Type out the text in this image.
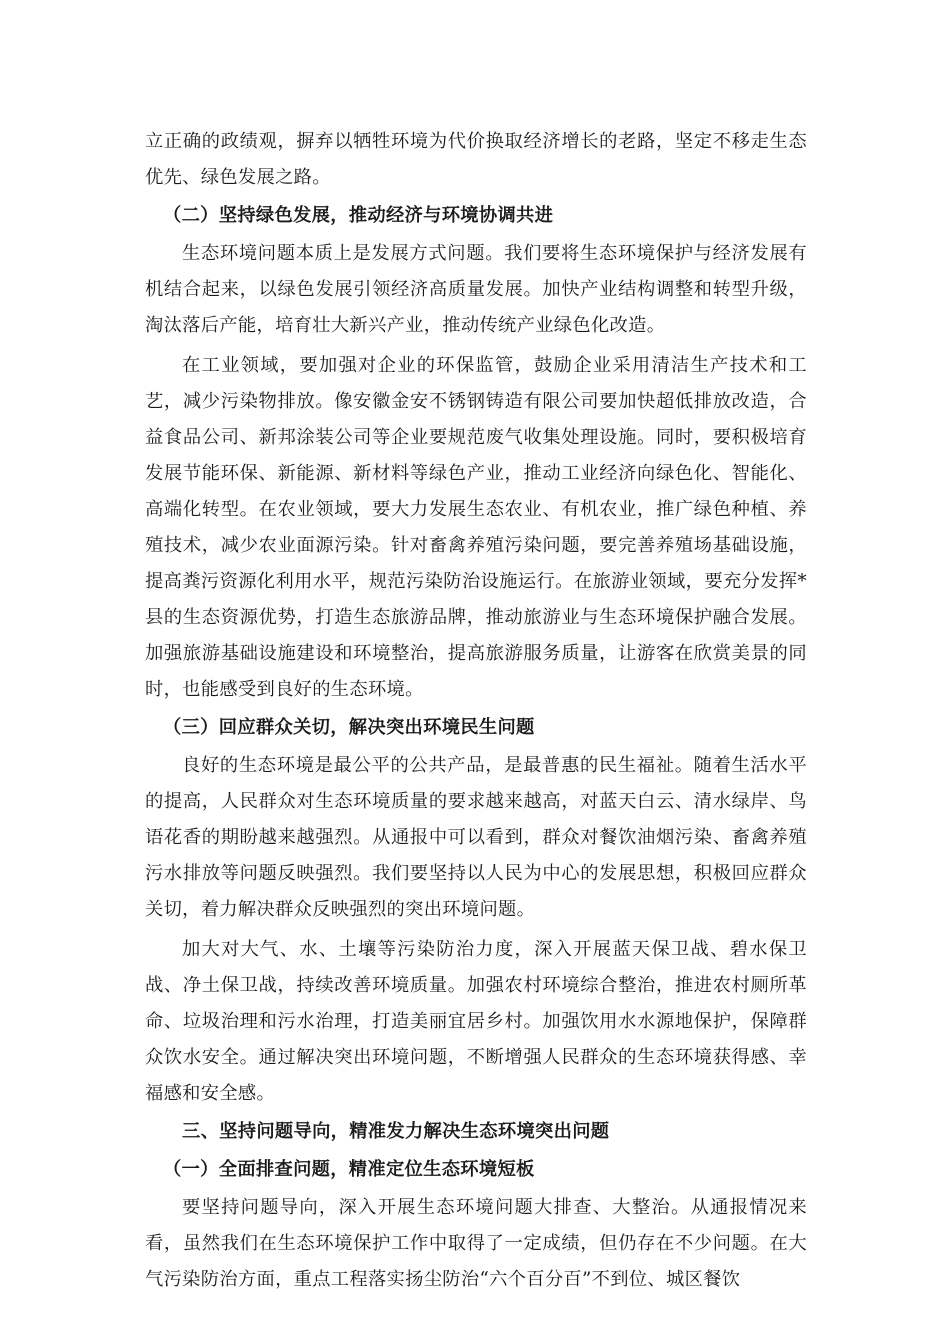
立正确的政绩观，摒弃以牺牲环境为代价换取经济增长的老路，坚定不移走生态优先、绿色发展之路。

（二）坚持绿色发展，推动经济与环境协调共进

生态环境问题本质上是发展方式问题。我们要将生态环境保护与经济发展有机结合起来，以绿色发展引领经济高质量发展。加快产业结构调整和转型升级，淘汰落后产能，培育壮大新兴产业，推动传统产业绿色化改造。

在工业领域，要加强对企业的环保监管，鼓励企业采用清洁生产技术和工艺，减少污染物排放。像安徽金安不锈钢铸造有限公司要加快超低排放改造，合益食品公司、新邦涂装公司等企业要规范废气收集处理设施。同时，要积极培育发展节能环保、新能源、新材料等绿色产业，推动工业经济向绿色化、智能化、高端化转型。在农业领域，要大力发展生态农业、有机农业，推广绿色种植、养殖技术，减少农业面源污染。针对畜禽养殖污染问题，要完善养殖场基础设施，提高粪污资源化利用水平，规范污染防治设施运行。在旅游业领域，要充分发挥*县的生态资源优势，打造生态旅游品牌，推动旅游业与生态环境保护融合发展。加强旅游基础设施建设和环境整治，提高旅游服务质量，让游客在欣赏美景的同时，也能感受到良好的生态环境。

（三）回应群众关切，解决突出环境民生问题

良好的生态环境是最公平的公共产品，是最普惠的民生福祉。随着生活水平的提高，人民群众对生态环境质量的要求越来越高，对蓝天白云、清水绿岸、鸟语花香的期盼越来越强烈。从通报中可以看到，群众对餐饮油烟污染、畜禽养殖污水排放等问题反映强烈。我们要坚持以人民为中心的发展思想，积极回应群众关切，着力解决群众反映强烈的突出环境问题。

加大对大气、水、土壤等污染防治力度，深入开展蓝天保卫战、碧水保卫战、净土保卫战，持续改善环境质量。加强农村环境综合整治，推进农村厕所革命、垃圾治理和污水治理，打造美丽宜居乡村。加强饮用水水源地保护，保障群众饮水安全。通过解决突出环境问题，不断增强人民群众的生态环境获得感、幸福感和安全感。

三、坚持问题导向，精准发力解决生态环境突出问题
（一）全面排查问题，精准定位生态环境短板

要坚持问题导向，深入开展生态环境问题大排查、大整治。从通报情况来看，虽然我们在生态环境保护工作中取得了一定成绩，但仍存在不少问题。在大气污染防治方面，重点工程落实扬尘防治“六个百分百”不到位、城区餐饮
